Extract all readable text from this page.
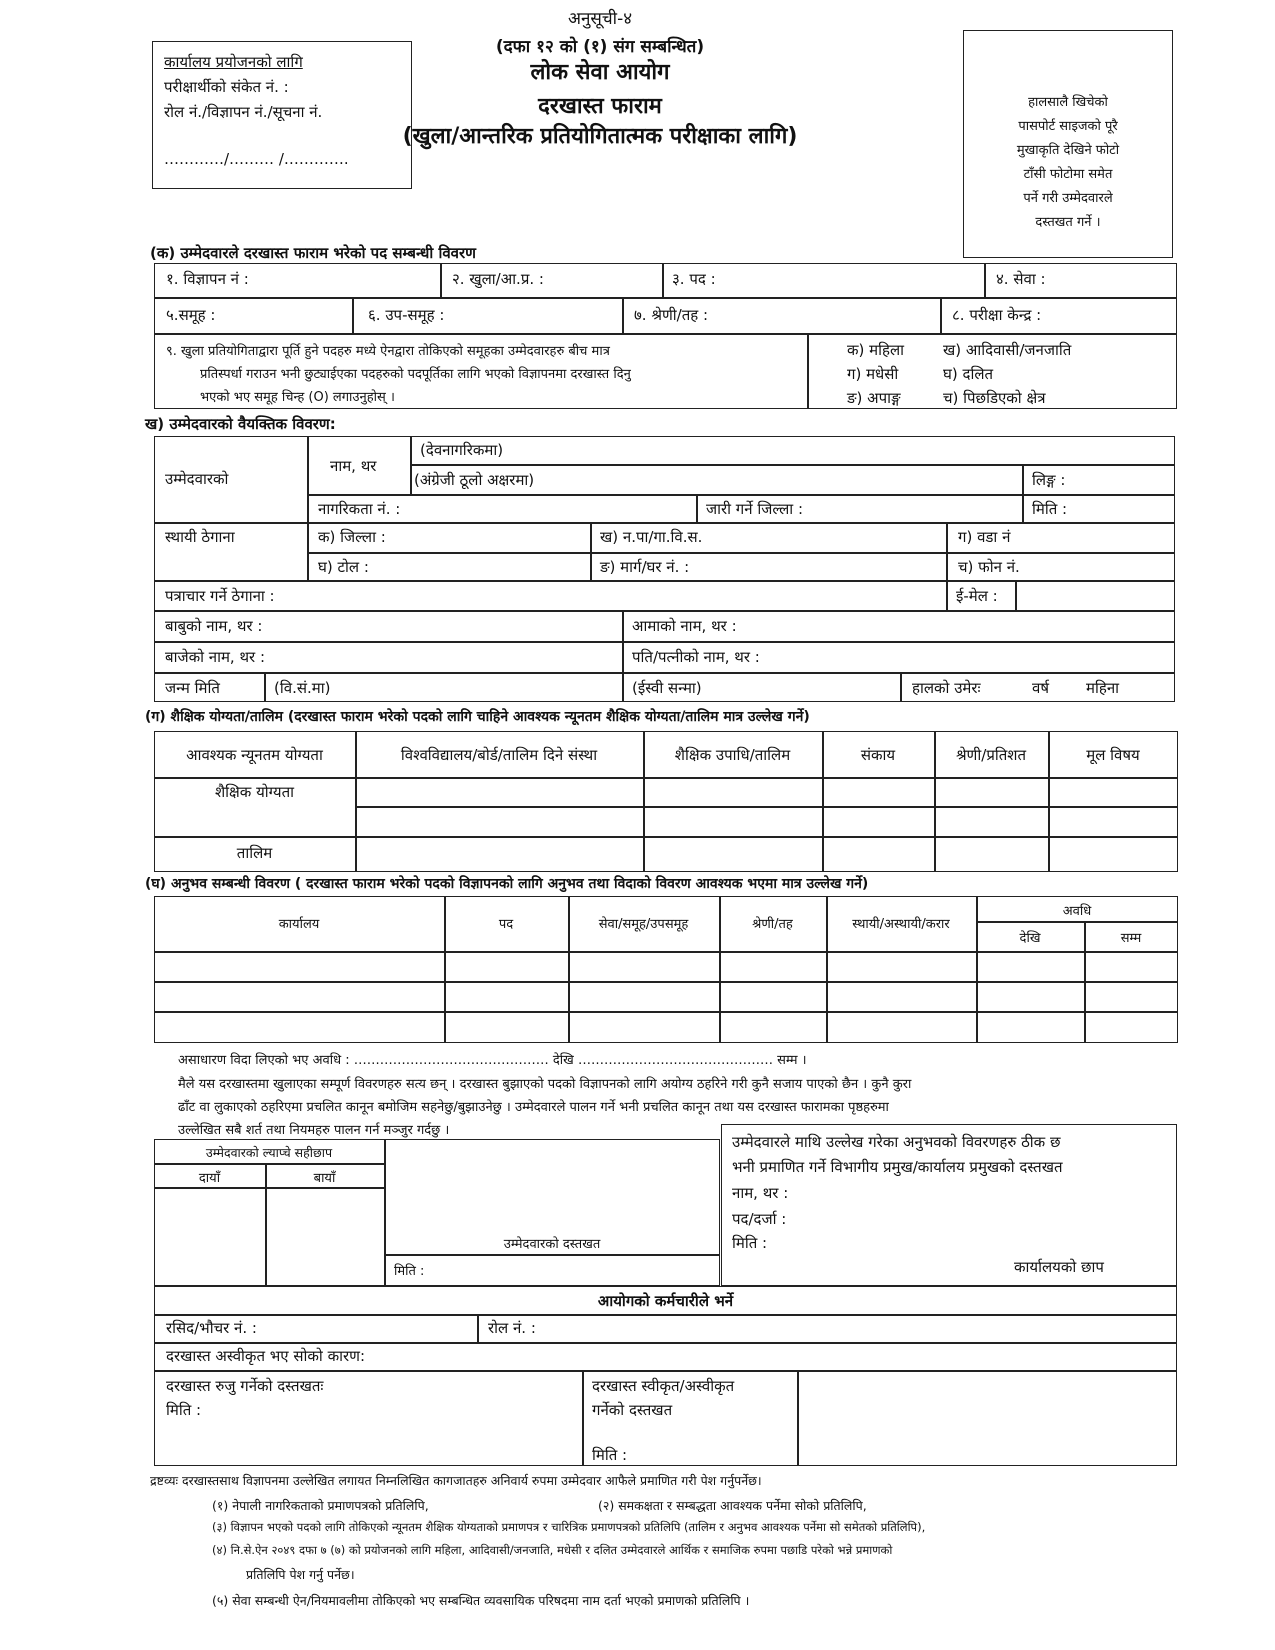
अनुसूची-४
(दफा १२ को (१) संग सम्बन्धित)
लोक सेवा आयोग
दरखास्त फाराम
(खुला/आन्तरिक प्रतियोगितात्मक परीक्षाका लागि)
कार्यालय प्रयोजनको लागि
परीक्षार्थीको संकेत नं. :
रोल नं./विज्ञापन नं./सूचना नं.
…………/……… /………….
हालसालै खिचेको
पासपोर्ट साइजको पूरै
मुखाकृति देखिने फोटो
टाँसी फोटोमा समेत
पर्ने गरी उम्मेदवारले
दस्तखत गर्ने ।
(क) उम्मेदवारले दरखास्त फाराम भरेको पद सम्बन्धी विवरण
१. विज्ञापन नं :	२. खुला/आ.प्र. :	३. पद :	४. सेवा :
५.समूह :	६. उप-समूह :	७. श्रेणी/तह :	८. परीक्षा केन्द्र :
९. खुला प्रतियोगिताद्वारा पूर्ति हुने पदहरु मध्ये ऐनद्वारा तोकिएको समूहका उम्मेदवारहरु बीच मात्र
प्रतिस्पर्धा गराउन भनी छुट्याईएका पदहरुको पदपूर्तिका लागि भएको विज्ञापनमा दरखास्त दिनु
भएको भए समूह चिन्ह (O) लगाउनुहोस् ।
क) महिला	ख) आदिवासी/जनजाति
ग) मधेसी	घ) दलित
ङ) अपाङ्ग	च) पिछडिएको क्षेत्र
ख) उम्मेदवारको वैयक्तिक विवरण:
उम्मेदवारको
नाम, थर
(देवनागरिकमा)
(अंग्रेजी ठूलो अक्षरमा)	लिङ्ग :
नागरिकता नं. :	जारी गर्ने जिल्ला :	मिति :
स्थायी ठेगाना	क) जिल्ला :	ख) न.पा/गा.वि.स.	ग) वडा नं
घ) टोल :	ङ) मार्ग/घर नं. :	च) फोन नं.
पत्राचार गर्ने ठेगाना :	ई-मेल :
बाबुको नाम, थर :	आमाको नाम, थर :
बाजेको नाम, थर :	पति/पत्नीको नाम, थर :
जन्म मिति	(वि.सं.मा)	(ईस्वी सन्मा)	हालको उमेरः	वर्ष महिना
(ग) शैक्षिक योग्यता/तालिम (दरखास्त फाराम भरेको पदको लागि चाहिने आवश्यक न्यूनतम शैक्षिक योग्यता/तालिम मात्र उल्लेख गर्ने)
आवश्यक न्यूनतम योग्यता	विश्वविद्यालय/बोर्ड/तालिम दिने संस्था	शैक्षिक उपाधि/तालिम	संकाय	श्रेणी/प्रतिशत	मूल विषय
शैक्षिक योग्यता
तालिम
(घ) अनुभव सम्बन्धी विवरण ( दरखास्त फाराम भरेको पदको विज्ञापनको लागि अनुभव तथा विदाको विवरण आवश्यक भएमा मात्र उल्लेख गर्ने)
कार्यालय	पद	सेवा/समूह/उपसमूह	श्रेणी/तह	स्थायी/अस्थायी/करार
अवधि
देखि	सम्म
असाधारण विदा लिएको भए अवधि : ……………………………………… देखि ……………………………………… सम्म ।
मैले यस दरखास्तमा खुलाएका सम्पूर्ण विवरणहरु सत्य छन् । दरखास्त बुझाएको पदको विज्ञापनको लागि अयोग्य ठहरिने गरी कुनै सजाय पाएको छैन । कुनै कुरा
ढाँट वा लुकाएको ठहरिएमा प्रचलित कानून बमोजिम सहनेछु/बुझाउनेछु । उम्मेदवारले पालन गर्ने भनी प्रचलित कानून तथा यस दरखास्त फारामका पृष्ठहरुमा
उल्लेखित सबै शर्त तथा नियमहरु पालन गर्न मञ्जुर गर्दछु ।
उम्मेदवारको ल्याप्चे सहीछाप
दायाँ	बायाँ
उम्मेदवारको दस्तखत
मिति :
उम्मेदवारले माथि उल्लेख गरेका अनुभवको विवरणहरु ठीक छ
भनी प्रमाणित गर्ने विभागीय प्रमुख/कार्यालय प्रमुखको दस्तखत
नाम, थर :
पद/दर्जा :
मिति :
कार्यालयको छाप
आयोगको कर्मचारीले भर्ने
रसिद/भौचर नं. :	रोल नं. :
दरखास्त अस्वीकृत भए सोको कारण:
दरखास्त रुजु गर्नेको दस्तखतः
मिति :
दरखास्त स्वीकृत/अस्वीकृत
गर्नेको दस्तखत
मिति :
द्रष्टव्यः दरखास्तसाथ विज्ञापनमा उल्लेखित लगायत निम्नलिखित कागजातहरु अनिवार्य रुपमा उम्मेदवार आफैले प्रमाणित गरी पेश गर्नुपर्नेछ।
(१) नेपाली नागरिकताको प्रमाणपत्रको प्रतिलिपि,	(२) समकक्षता र सम्बद्धता आवश्यक पर्नेमा सोको प्रतिलिपि,
(३) विज्ञापन भएको पदको लागि तोकिएको न्यूनतम शैक्षिक योग्यताको प्रमाणपत्र र चारित्रिक प्रमाणपत्रको प्रतिलिपि (तालिम र अनुभव आवश्यक पर्नेमा सो समेतको प्रतिलिपि),
(४) नि.से.ऐन २०४९ दफा ७ (७) को प्रयोजनको लागि महिला, आदिवासी/जनजाति, मधेसी र दलित उम्मेदवारले आर्थिक र समाजिक रुपमा पछाडि परेको भन्ने प्रमाणको
प्रतिलिपि पेश गर्नु पर्नेछ।
(५) सेवा सम्बन्धी ऐन/नियमावलीमा तोकिएको भए सम्बन्धित व्यवसायिक परिषदमा नाम दर्ता भएको प्रमाणको प्रतिलिपि ।
